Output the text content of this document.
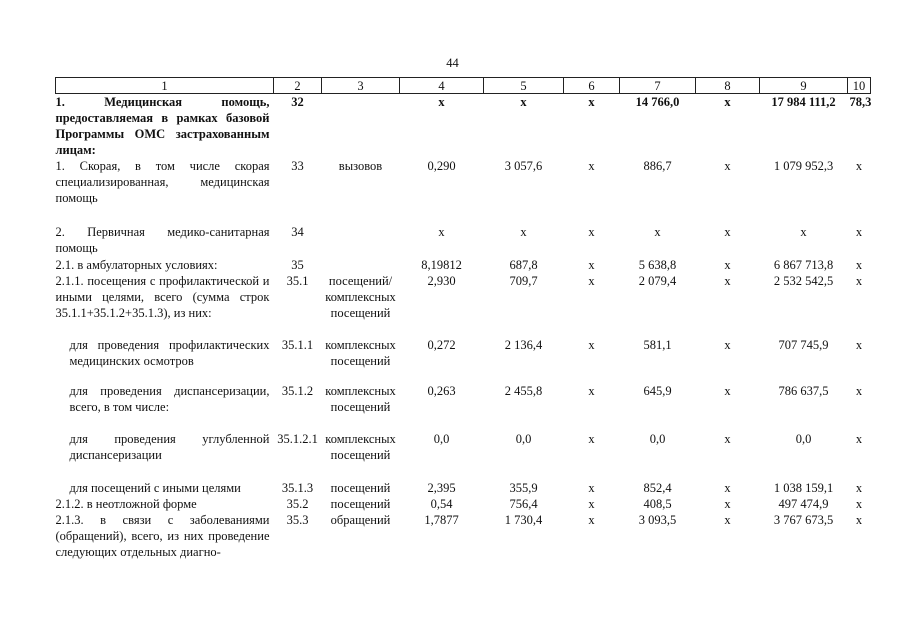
44
1	2	3	4	5	6	7	8	9	10
1. Медицинская помощь, предоставляемая в рамках базовой Программы ОМС застрахованным лицам:	32		х	х	х	14 766,0	х	17 984 111,2	78,3
1. Скорая, в том числе скорая специализированная, медицинская помощь	33	вызовов	0,290	3 057,6	х	886,7	х	1 079 952,3	х
2. Первичная медико-санитарная помощь	34		х	х	х	х	х	х	х
2.1. в амбулаторных условиях:	35		8,19812	687,8	х	5 638,8	х	6 867 713,8	х
2.1.1. посещения с профилактической и иными целями, всего (сумма строк 35.1.1+35.1.2+35.1.3), из них:	35.1	посещений/ комплексных посещений	2,930	709,7	х	2 079,4	х	2 532 542,5	х
для проведения профилактических медицинских осмотров	35.1.1	комплексных посещений	0,272	2 136,4	х	581,1	х	707 745,9	х
для проведения диспансеризации, всего, в том числе:	35.1.2	комплексных посещений	0,263	2 455,8	х	645,9	х	786 637,5	х
для проведения углубленной диспансеризации	35.1.2.1	комплексных посещений	0,0	0,0	х	0,0	х	0,0	х
для посещений с иными целями	35.1.3	посещений	2,395	355,9	х	852,4	х	1 038 159,1	х
2.1.2. в неотложной форме	35.2	посещений	0,54	756,4	х	408,5	х	497 474,9	х
2.1.3. в связи с заболеваниями (обращений), всего, из них проведение следующих отдельных диагно-	35.3	обращений	1,7877	1 730,4	х	3 093,5	х	3 767 673,5	х
